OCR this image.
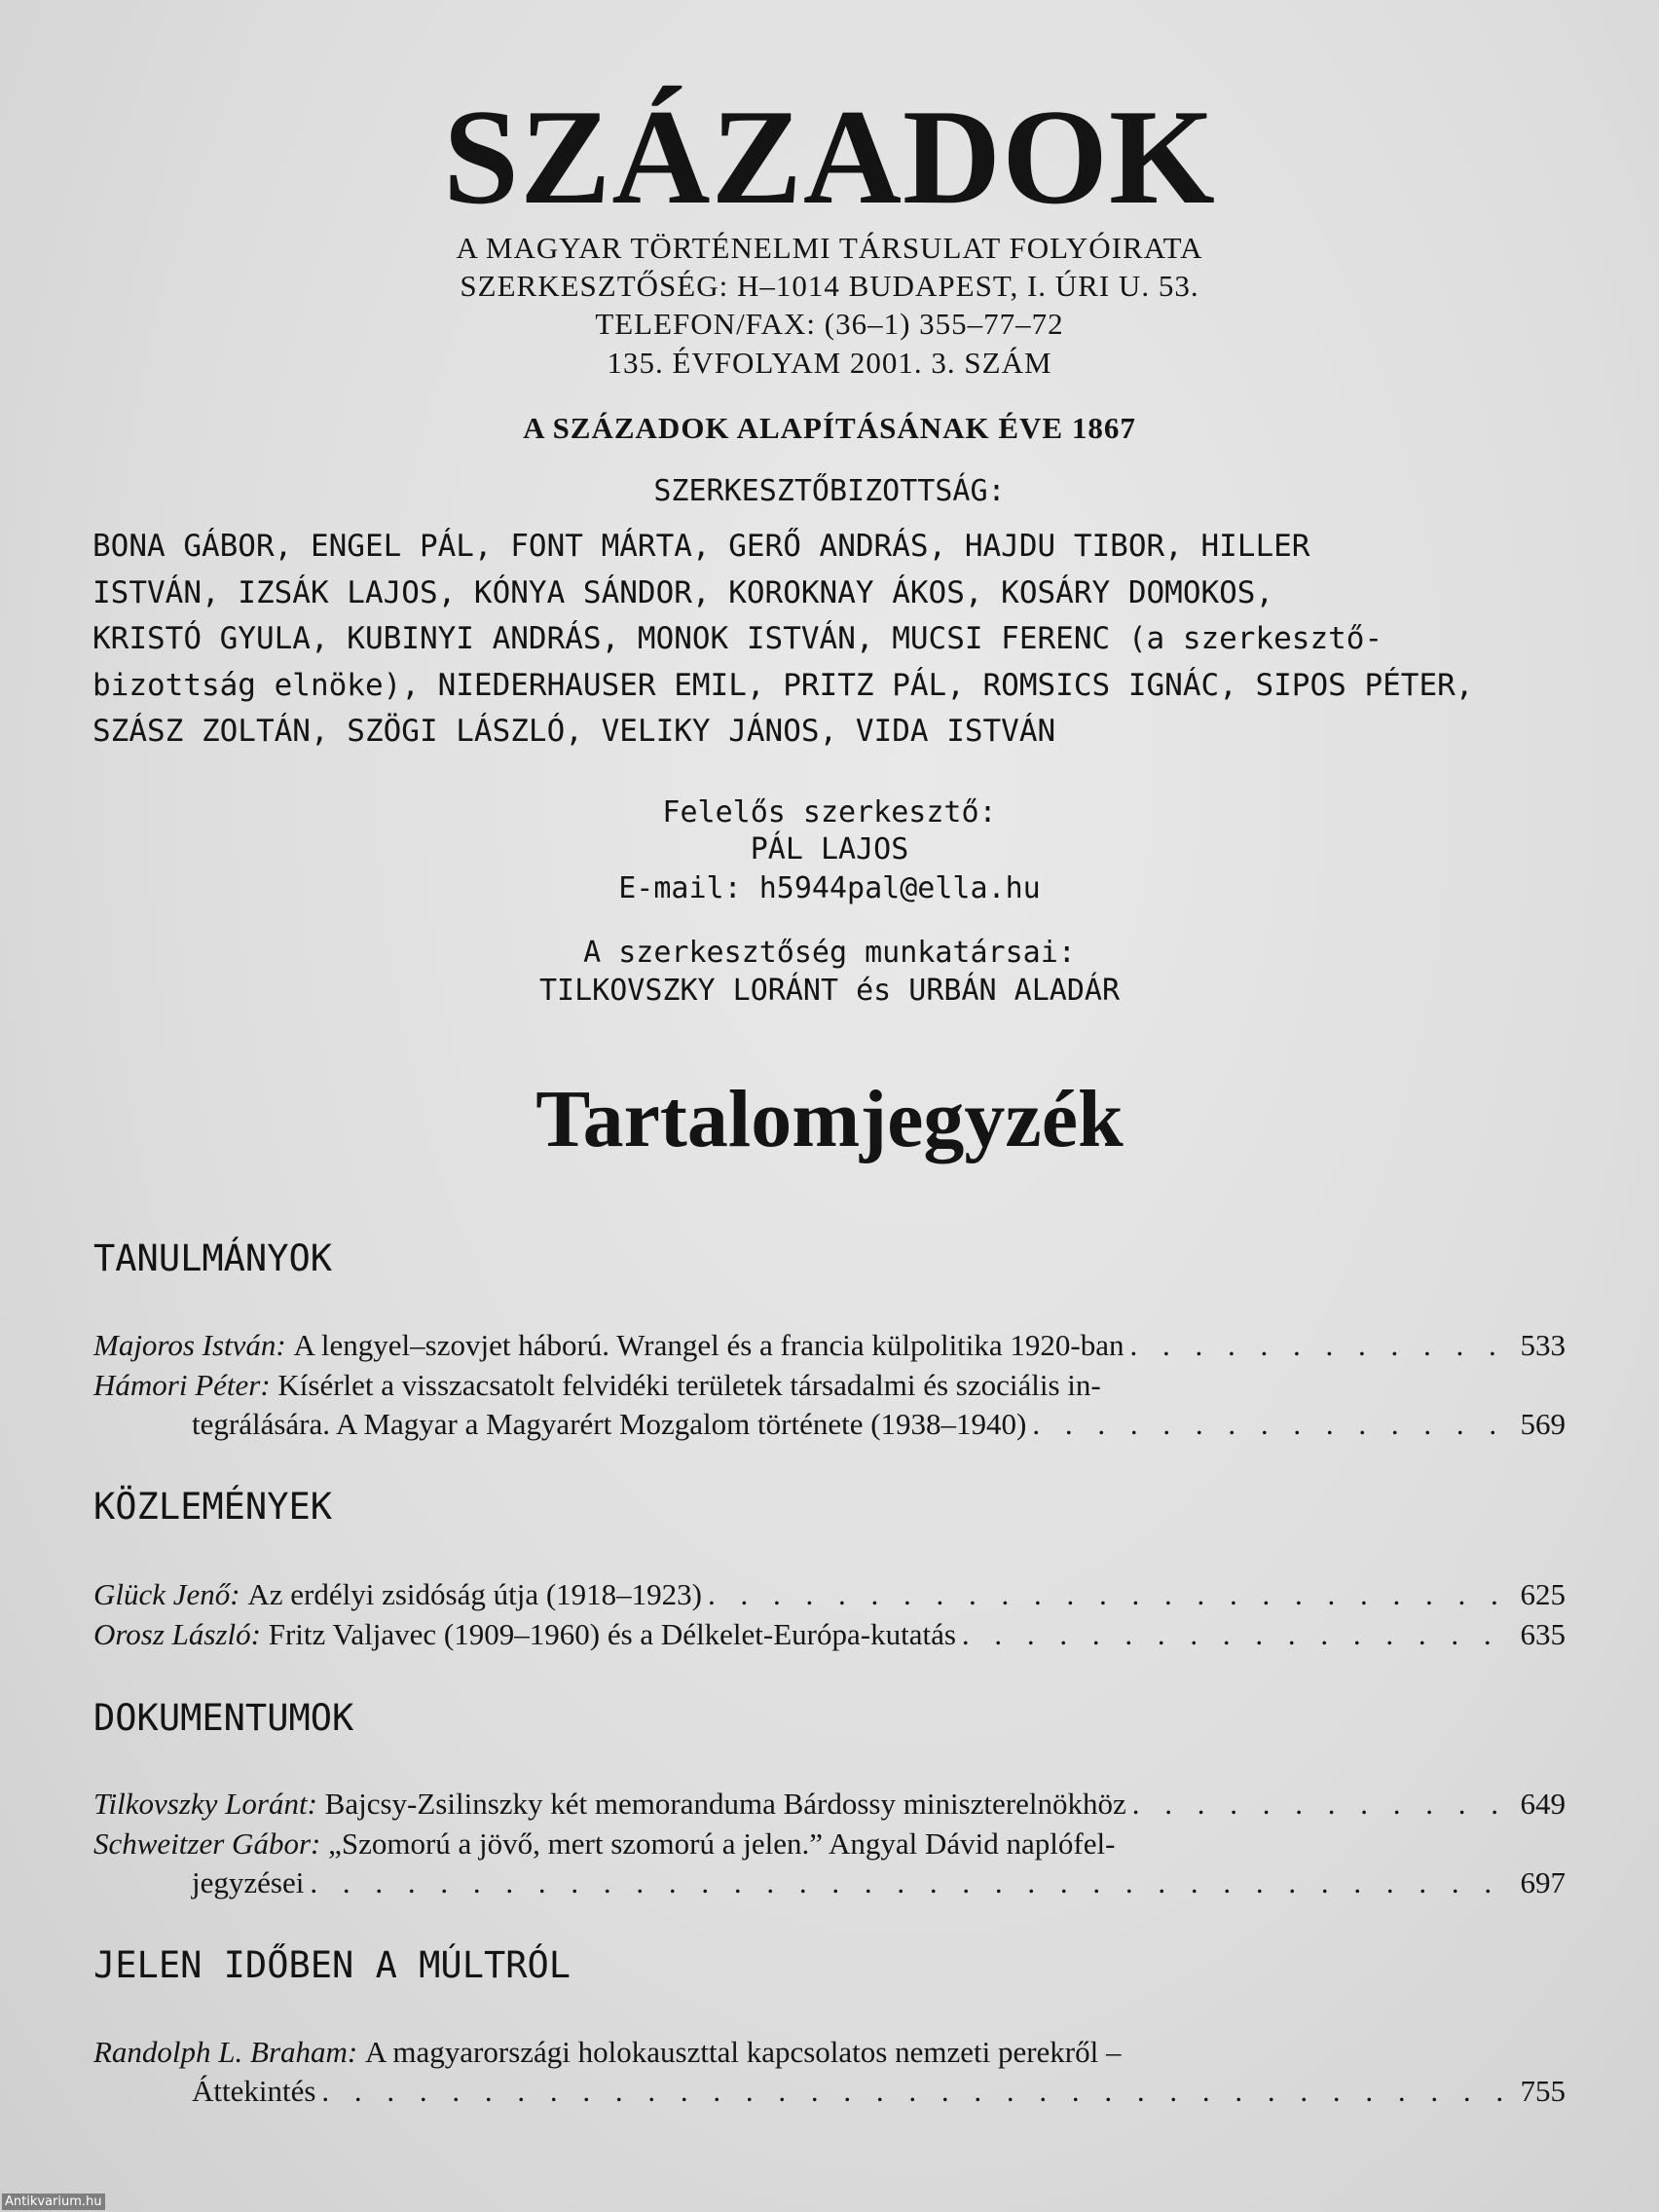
SZÁZADOK
A MAGYAR TÖRTÉNELMI TÁRSULAT FOLYÓIRATA
SZERKESZTŐSÉG: H–1014 BUDAPEST, I. ÚRI U. 53.
TELEFON/FAX: (36–1) 355–77–72
135. ÉVFOLYAM 2001. 3. SZÁM
A SZÁZADOK ALAPÍTÁSÁNAK ÉVE 1867
SZERKESZTŐBIZOTTSÁG:
BONA GÁBOR, ENGEL PÁL, FONT MÁRTA, GERŐ ANDRÁS, HAJDU TIBOR, HILLER
ISTVÁN, IZSÁK LAJOS, KÓNYA SÁNDOR, KOROKNAY ÁKOS, KOSÁRY DOMOKOS,
KRISTÓ GYULA, KUBINYI ANDRÁS, MONOK ISTVÁN, MUCSI FERENC (a szerkesztő-
bizottság elnöke), NIEDERHAUSER EMIL, PRITZ PÁL, ROMSICS IGNÁC, SIPOS PÉTER,
SZÁSZ ZOLTÁN, SZÖGI LÁSZLÓ, VELIKY JÁNOS, VIDA ISTVÁN
Felelős szerkesztő:
PÁL LAJOS
E-mail: h5944pal@ella.hu
A szerkesztőség munkatársai:
TILKOVSZKY LORÁNT és URBÁN ALADÁR
Tartalomjegyzék
TANULMÁNYOK
Majoros István:
A lengyel–szovjet háború. Wrangel és a francia külpolitika 1920-ban . . .	533
Hámori Péter:
Kísérlet a visszacsatolt felvidéki területek társadalmi és szociális in-
tegrálására. A Magyar a Magyarért Mozgalom története (1938–1940) . . .	569
KÖZLEMÉNYEK
Glück Jenő:
Az erdélyi zsidóság útja (1918–1923) . . .	625
Orosz László:
Fritz Valjavec (1909–1960) és a Délkelet-Európa-kutatás . . .	635
DOKUMENTUMOK
Tilkovszky Loránt:
Bajcsy-Zsilinszky két memoranduma Bárdossy miniszterelnökhöz . . .	649
Schweitzer Gábor:
„Szomorú a jövő, mert szomorú a jelen.” Angyal Dávid naplófel-
jegyzései . . .	697
JELEN IDŐBEN A MÚLTRÓL
Randolph L. Braham:
A magyarországi holokauszttal kapcsolatos nemzeti perekről –
Áttekintés . . .	755
Antikvarium.hu
